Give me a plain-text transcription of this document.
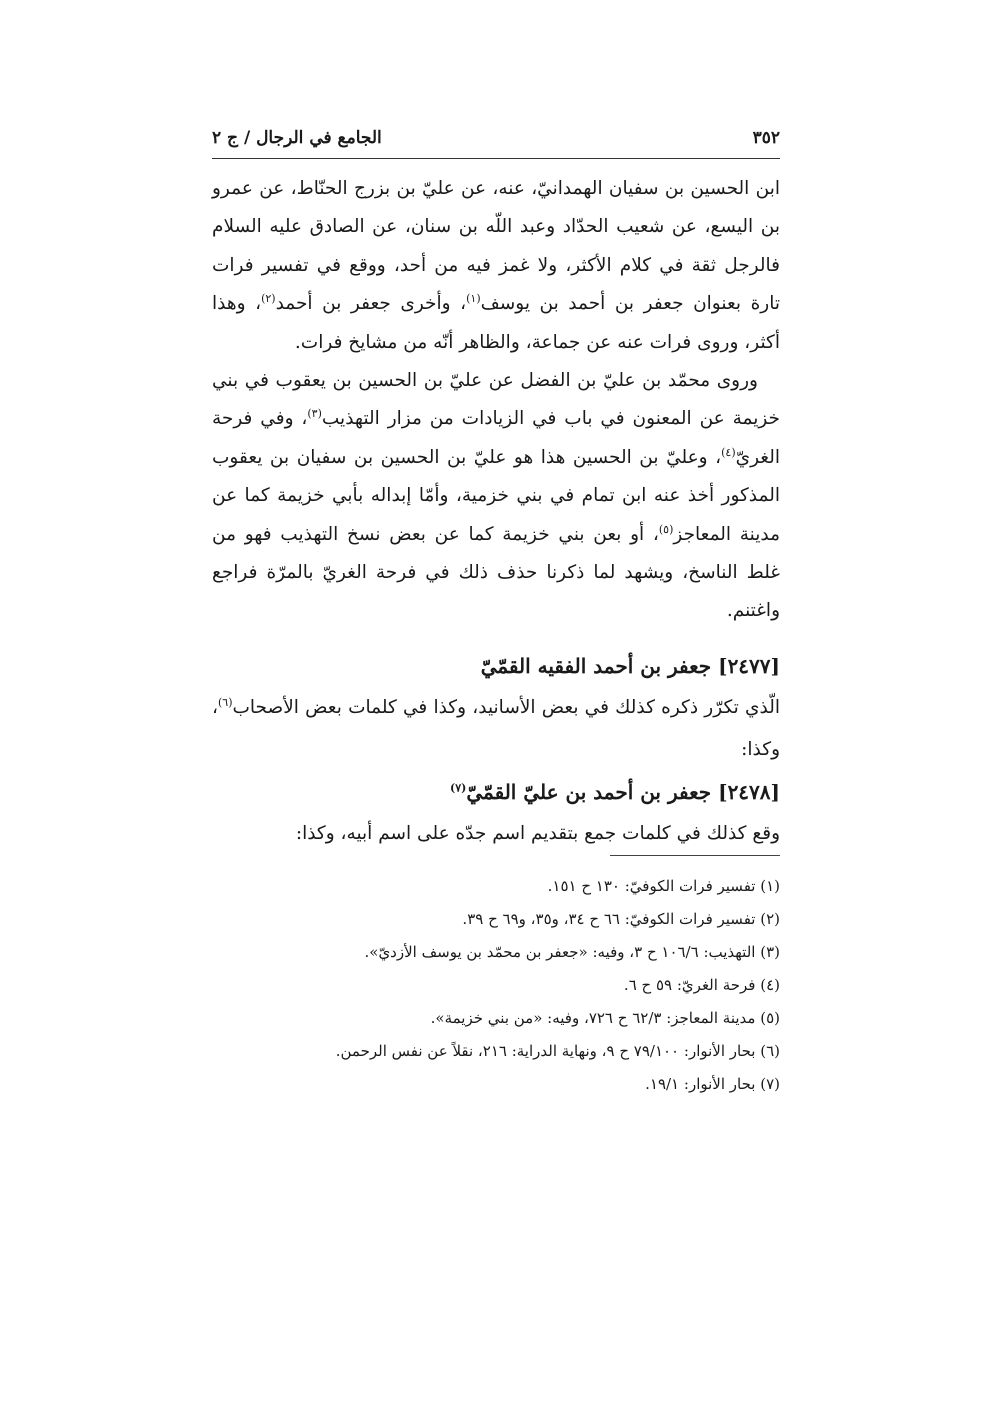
٣٥٢
الجامع في الرجال / ج ٢

ابن الحسين بن سفيان الهمدانيّ، عنه، عن عليّ بن بزرج الحنّاط، عن عمرو بن اليسع، عن شعيب الحدّاد وعبد اللّه بن سنان، عن الصادق عليه السلام فالرجل ثقة في كلام الأكثر، ولا غمز فيه من أحد، ووقع في تفسير فرات تارة بعنوان جعفر بن أحمد بن يوسف$^{(١)}$، وأخرى جعفر بن أحمد$^{(٢)}$، وهذا أكثر، وروى فرات عنه عن جماعة، والظاهر أنّه من مشايخ فرات.

وروى محمّد بن عليّ بن الفضل عن عليّ بن الحسين بن يعقوب في بني خزيمة عن المعنون في باب في الزيادات من مزار التهذيب$^{(٣)}$، وفي فرحة الغريّ$^{(٤)}$، وعليّ بن الحسين هذا هو عليّ بن الحسين بن سفيان بن يعقوب المذكور أخذ عنه ابن تمام في بني خزمية، وأمّا إبداله بأبي خزيمة كما عن مدينة المعاجز$^{(٥)}$، أو بعن بني خزيمة كما عن بعض نسخ التهذيب فهو من غلط الناسخ، ويشهد لما ذكرنا حذف ذلك في فرحة الغريّ بالمرّة فراجع واغتنم.

[٢٤٧٧] جعفر بن أحمد الفقيه القمّيّ
الّذي تكرّر ذكره كذلك في بعض الأسانيد، وكذا في كلمات بعض الأصحاب$^{(٦)}$، وكذا:
[٢٤٧٨] جعفر بن أحمد بن عليّ القمّيّ$^{(٧)}$
وقع كذلك في كلمات جمع بتقديم اسم جدّه على اسم أبيه، وكذا:
(١) تفسير فرات الكوفيّ: ١٣٠ ح ١٥١.
(٢) تفسير فرات الكوفيّ: ٦٦ ح ٣٤، و٣٥، و٦٩ ح ٣٩.
(٣) التهذيب: ١٠٦/٦ ح ٣، وفيه: «جعفر بن محمّد بن يوسف الأزديّ».
(٤) فرحة الغريّ: ٥٩ ح ٦.
(٥) مدينة المعاجز: ٦٢/٣ ح ٧٢٦، وفيه: «من بني خزيمة».
(٦) بحار الأنوار: ٧٩/١٠٠ ح ٩، ونهاية الدراية: ٢١٦، نقلاً عن نفس الرحمن.
(٧) بحار الأنوار: ١٩/١.
